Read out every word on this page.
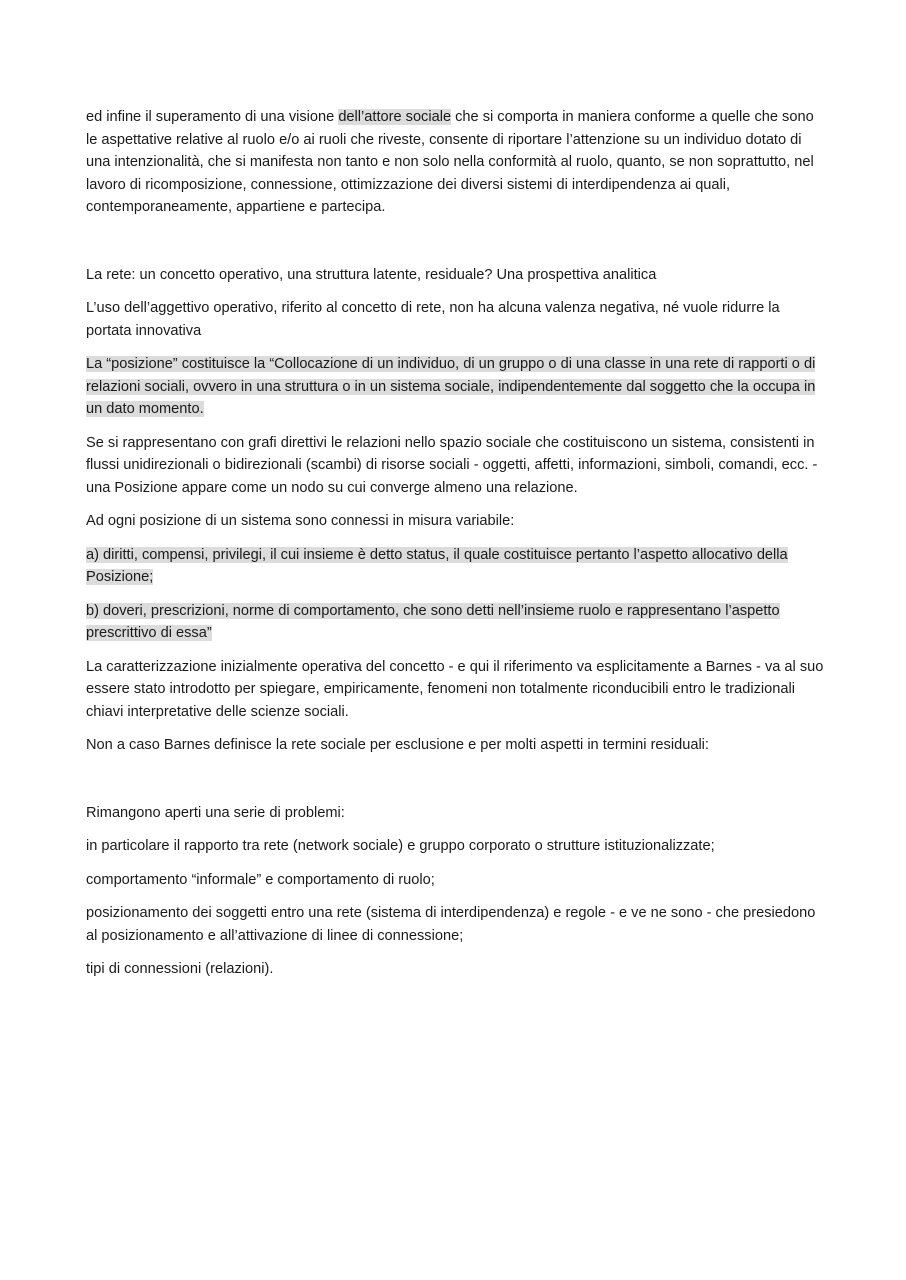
ed infine il superamento di una visione dell’attore sociale che si comporta in maniera conforme a quelle che sono le aspettative relative al ruolo e/o ai ruoli che riveste, consente di riportare l’attenzione su un individuo dotato di una intenzionalità, che si manifesta non tanto e non solo nella conformità al ruolo, quanto, se non soprattutto, nel lavoro di ricomposizione, connessione, ottimizzazione dei diversi sistemi di interdipendenza ai quali, contemporaneamente, appartiene e partecipa.

La rete: un concetto operativo, una struttura latente, residuale? Una prospettiva analitica

L’uso dell’aggettivo operativo, riferito al concetto di rete, non ha alcuna valenza negativa, né vuole ridurre la portata innovativa

La “posizione” costituisce la “Collocazione di un individuo, di un gruppo o di una classe in una rete di rapporti o di relazioni sociali, ovvero in una struttura o in un sistema sociale, indipendentemente dal soggetto che la occupa in un dato momento.

Se si rappresentano con grafi direttivi le relazioni nello spazio sociale che costituiscono un sistema, consistenti in flussi unidirezionali o bidirezionali (scambi) di risorse sociali - oggetti, affetti, informazioni, simboli, comandi, ecc. - una Posizione appare come un nodo su cui converge almeno una relazione.

Ad ogni posizione di un sistema sono connessi in misura variabile:

a) diritti, compensi, privilegi, il cui insieme è detto status, il quale costituisce pertanto l’aspetto allocativo della Posizione;

b) doveri, prescrizioni, norme di comportamento, che sono detti nell’insieme ruolo e rappresentano l’aspetto prescrittivo di essa”

La caratterizzazione inizialmente operativa del concetto - e qui il riferimento va esplicitamente a Barnes - va al suo essere stato introdotto per spiegare, empiricamente, fenomeni non totalmente riconducibili entro le tradizionali chiavi interpretative delle scienze sociali.

Non a caso Barnes definisce la rete sociale per esclusione e per molti aspetti in termini residuali:

Rimangono aperti una serie di problemi:

in particolare il rapporto tra rete (network sociale) e gruppo corporato o strutture istituzionalizzate;

comportamento “informale” e comportamento di ruolo;

posizionamento dei soggetti entro una rete (sistema di interdipendenza) e regole - e ve ne sono - che presiedono al posizionamento e all’attivazione di linee di connessione;

tipi di connessioni (relazioni).
